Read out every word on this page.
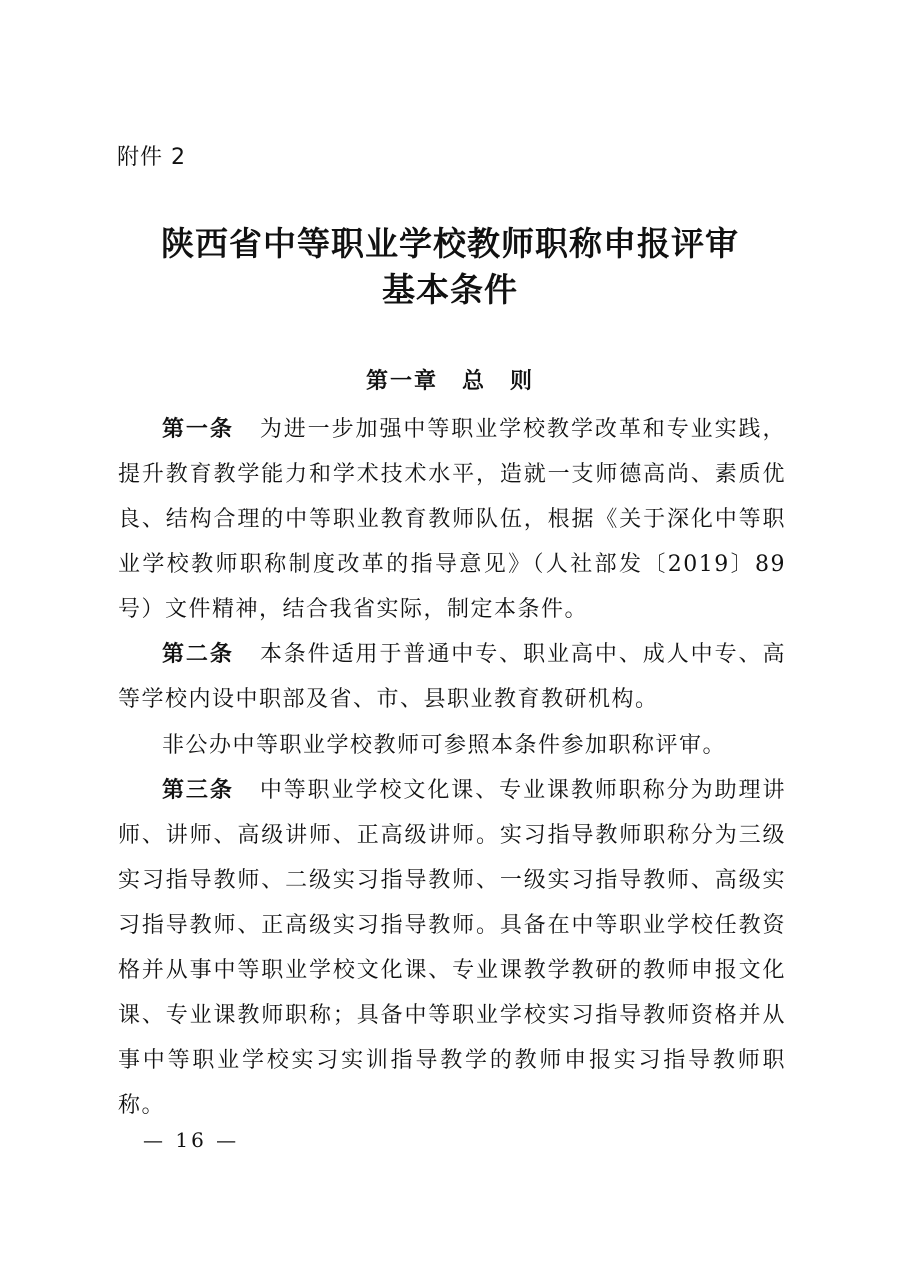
附件 2
陕西省中等职业学校教师职称申报评审
基本条件
第一章　总　则

第一条 为进一步加强中等职业学校教学改革和专业实践，提升教育教学能力和学术技术水平，造就一支师德高尚、素质优良、结构合理的中等职业教育教师队伍，根据《关于深化中等职业学校教师职称制度改革的指导意见》（人社部发〔2019〕89号）文件精神，结合我省实际，制定本条件。

第二条 本条件适用于普通中专、职业高中、成人中专、高等学校内设中职部及省、市、县职业教育教研机构。

非公办中等职业学校教师可参照本条件参加职称评审。

第三条 中等职业学校文化课、专业课教师职称分为助理讲师、讲师、高级讲师、正高级讲师。实习指导教师职称分为三级实习指导教师、二级实习指导教师、一级实习指导教师、高级实习指导教师、正高级实习指导教师。具备在中等职业学校任教资格并从事中等职业学校文化课、专业课教学教研的教师申报文化课、专业课教师职称；具备中等职业学校实习指导教师资格并从事中等职业学校实习实训指导教学的教师申报实习指导教师职称。

— 16 —
